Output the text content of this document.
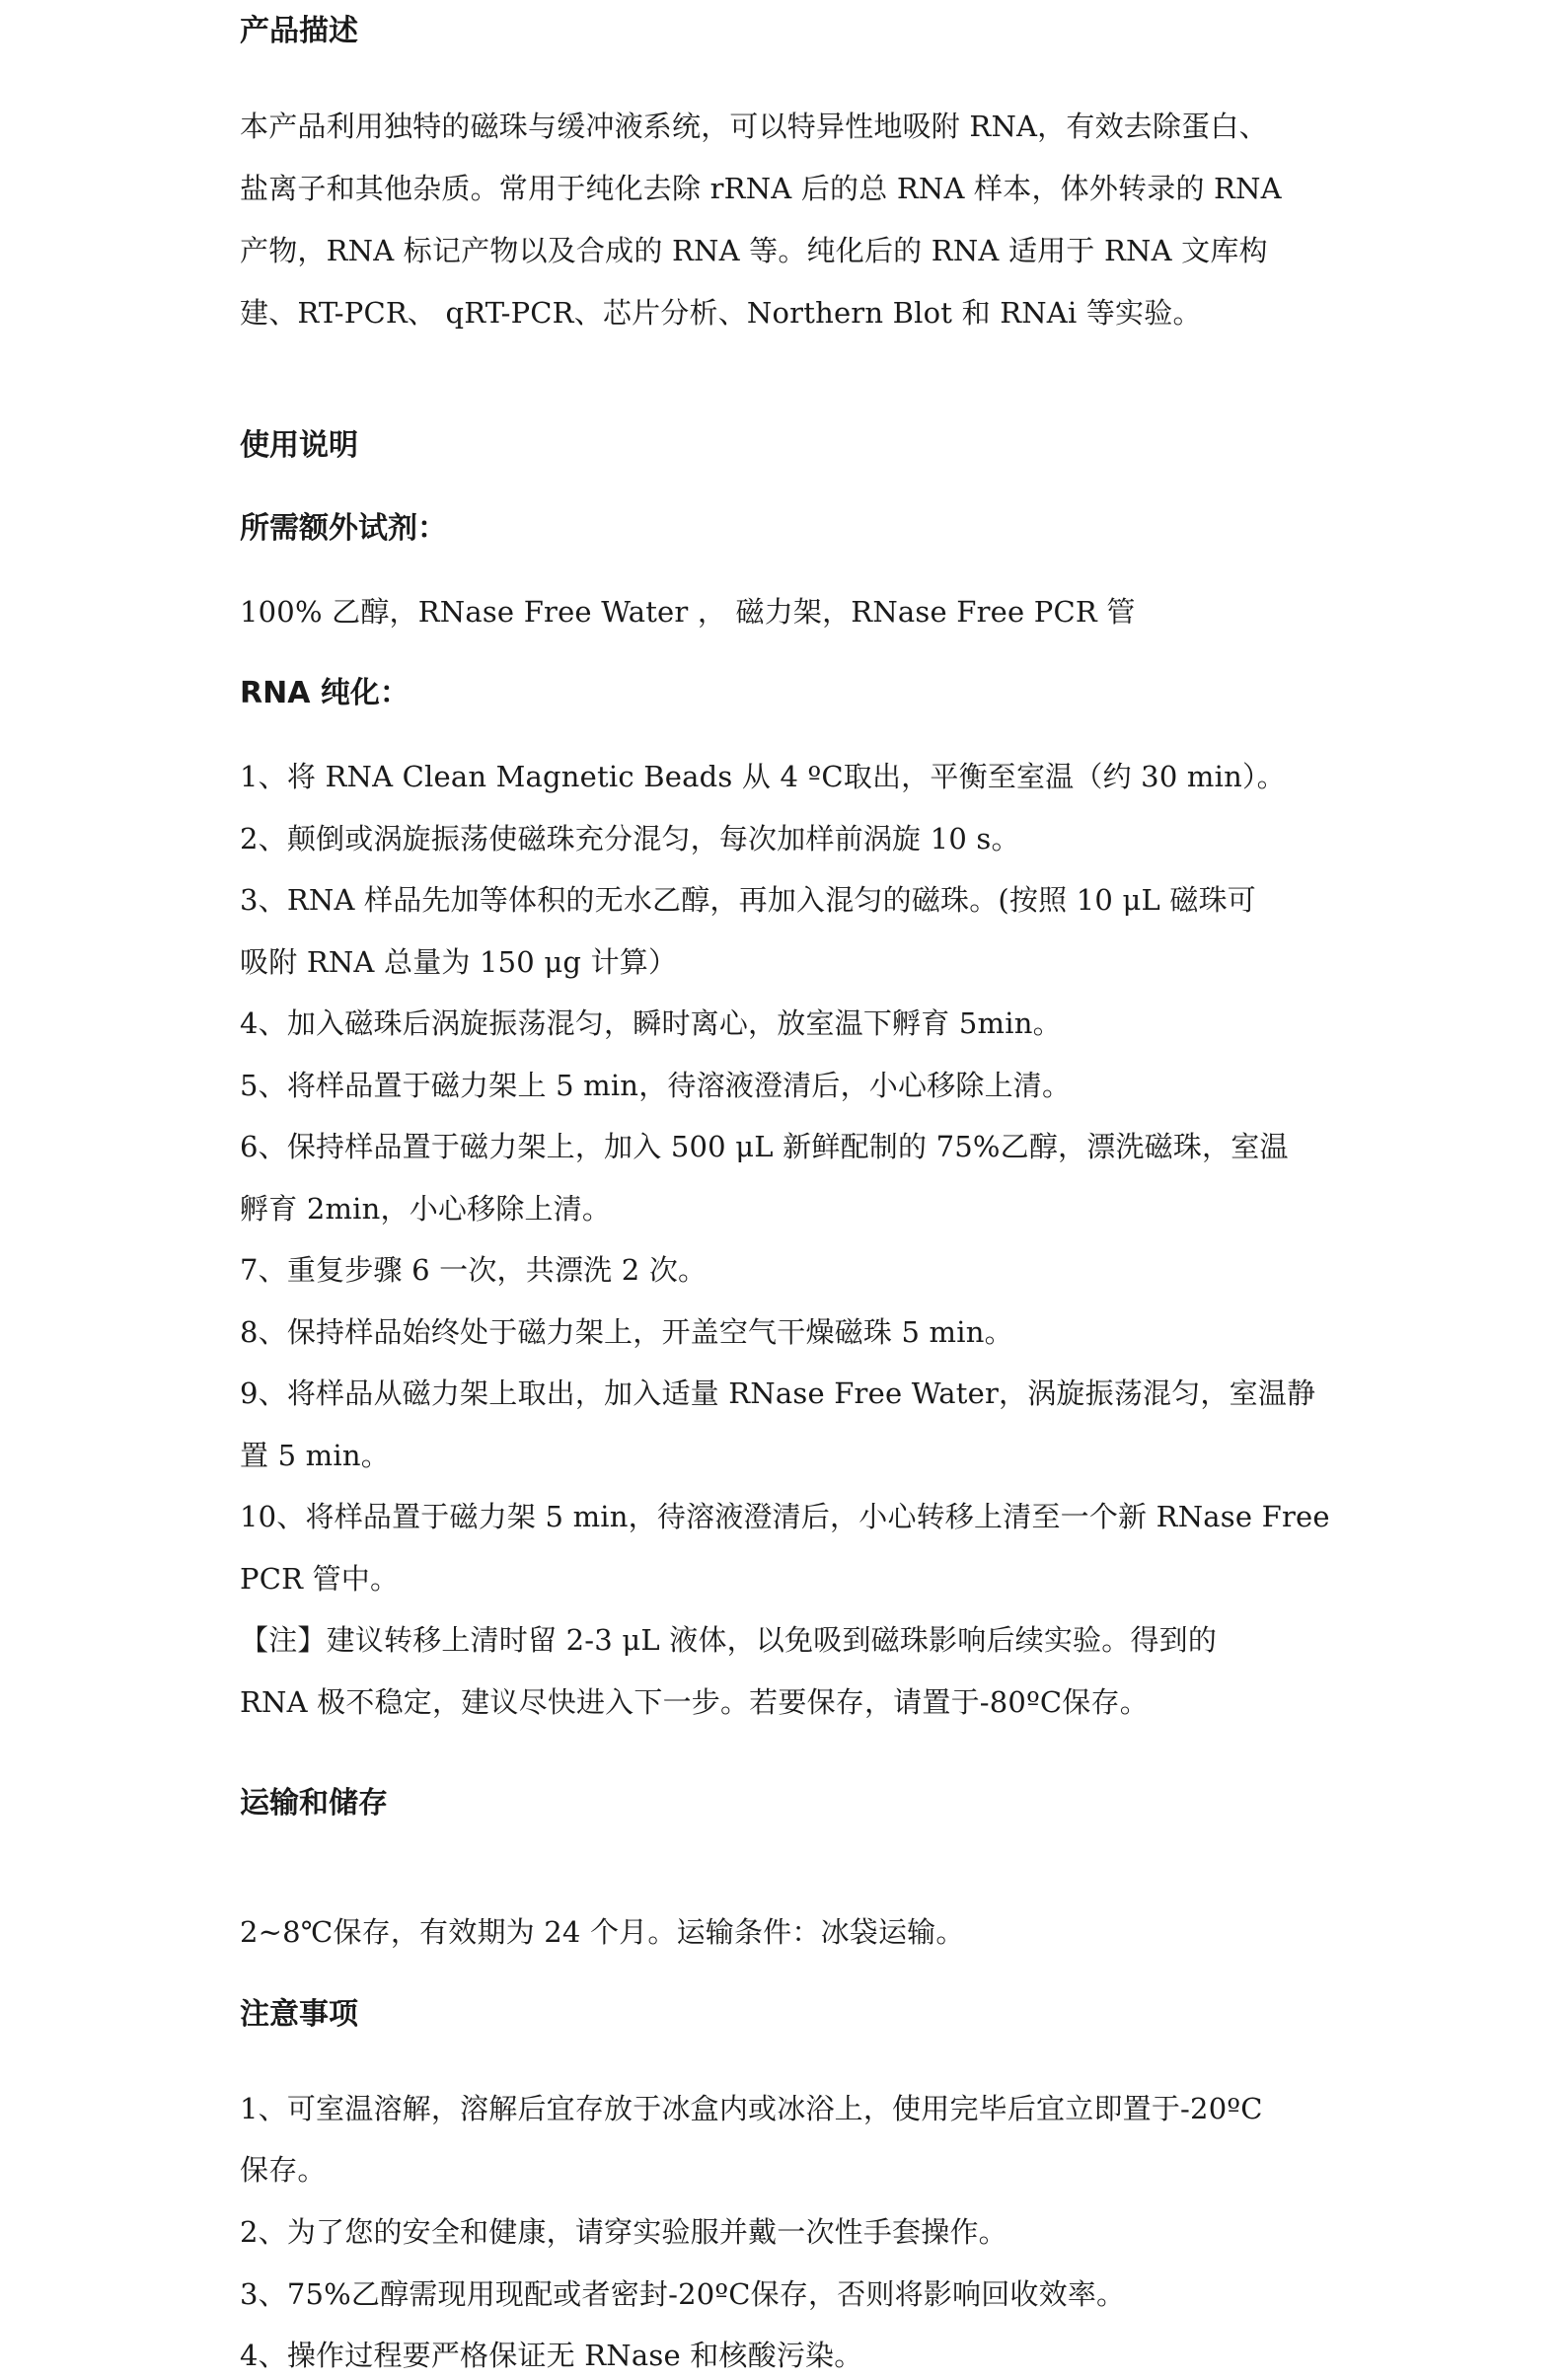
产品描述

本产品利用独特的磁珠与缓冲液系统，可以特异性地吸附 RNA，有效去除蛋白、

盐离子和其他杂质。常用于纯化去除 rRNA 后的总 RNA 样本，体外转录的 RNA

产物，RNA 标记产物以及合成的 RNA 等。纯化后的 RNA 适用于 RNA 文库构

建、RT-PCR、 qRT-PCR、芯片分析、Northern Blot 和 RNAi 等实验。

使用说明
所需额外试剂：

100% 乙醇，RNase Free Water ， 磁力架，RNase Free PCR 管

RNA 纯化：

1、将 RNA Clean Magnetic Beads 从 4 ºC取出，平衡至室温（约 30 min）。

2、颠倒或涡旋振荡使磁珠充分混匀，每次加样前涡旋 10 s。

3、RNA 样品先加等体积的无水乙醇，再加入混匀的磁珠。(按照 10 μL 磁珠可

吸附 RNA 总量为 150 μg 计算）

4、加入磁珠后涡旋振荡混匀，瞬时离心，放室温下孵育 5min。

5、将样品置于磁力架上 5 min，待溶液澄清后，小心移除上清。

6、保持样品置于磁力架上，加入 500 μL 新鲜配制的 75%乙醇，漂洗磁珠，室温

孵育 2min，小心移除上清。

7、重复步骤 6 一次，共漂洗 2 次。

8、保持样品始终处于磁力架上，开盖空气干燥磁珠 5 min。

9、将样品从磁力架上取出，加入适量 RNase Free Water，涡旋振荡混匀，室温静

置 5 min。

10、将样品置于磁力架 5 min，待溶液澄清后，小心转移上清至一个新 RNase Free

PCR 管中。

【注】建议转移上清时留 2-3 μL 液体，以免吸到磁珠影响后续实验。得到的

RNA 极不稳定，建议尽快进入下一步。若要保存，请置于-80ºC保存。

运输和储存

2~8℃保存，有效期为 24 个月。运输条件：冰袋运输。

注意事项

1、可室温溶解，溶解后宜存放于冰盒内或冰浴上，使用完毕后宜立即置于-20ºC

保存。

2、为了您的安全和健康，请穿实验服并戴一次性手套操作。

3、75%乙醇需现用现配或者密封-20ºC保存，否则将影响回收效率。

4、操作过程要严格保证无 RNase 和核酸污染。
